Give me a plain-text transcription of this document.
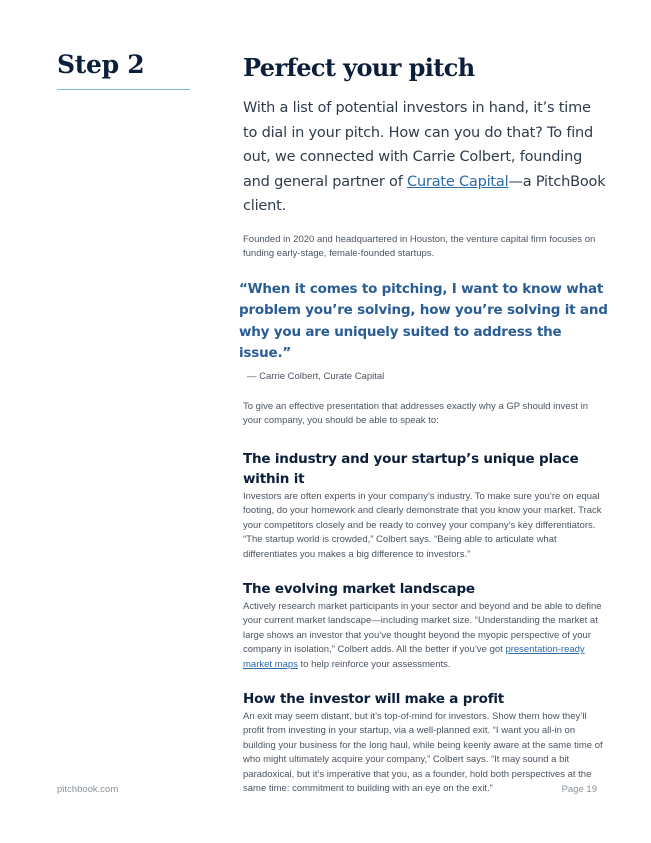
Step 2	Perfect your pitch

With a list of potential investors in hand, it’s time to dial in your pitch. How can you do that? To find out, we connected with Carrie Colbert, founding and general partner of Curate Capital—a PitchBook client.

Founded in 2020 and headquartered in Houston, the venture capital firm focuses on funding early-stage, female-founded startups.

“When it comes to pitching, I want to know what problem you’re solving, how you’re solving it and why you are uniquely suited to address the issue.”

— Carrie Colbert, Curate Capital

To give an effective presentation that addresses exactly why a GP should invest in your company, you should be able to speak to:

The industry and your startup’s unique place within it

Investors are often experts in your company’s industry. To make sure you’re on equal footing, do your homework and clearly demonstrate that you know your market. Track your competitors closely and be ready to convey your company’s key differentiators. “The startup world is crowded,” Colbert says. “Being able to articulate what differentiates you makes a big difference to investors.”

The evolving market landscape

Actively research market participants in your sector and beyond and be able to define your current market landscape—including market size. “Understanding the market at large shows an investor that you’ve thought beyond the myopic perspective of your company in isolation,” Colbert adds. All the better if you’ve got presentation-ready market maps to help reinforce your assessments.

How the investor will make a profit

An exit may seem distant, but it’s top-of-mind for investors. Show them how they’ll profit from investing in your startup, via a well-planned exit. “I want you all-in on building your business for the long haul, while being keenly aware at the same time of who might ultimately acquire your company,” Colbert says. “It may sound a bit paradoxical, but it’s imperative that you, as a founder, hold both perspectives at the same time: commitment to building with an eye on the exit.”

pitchbook.com	Page 19
